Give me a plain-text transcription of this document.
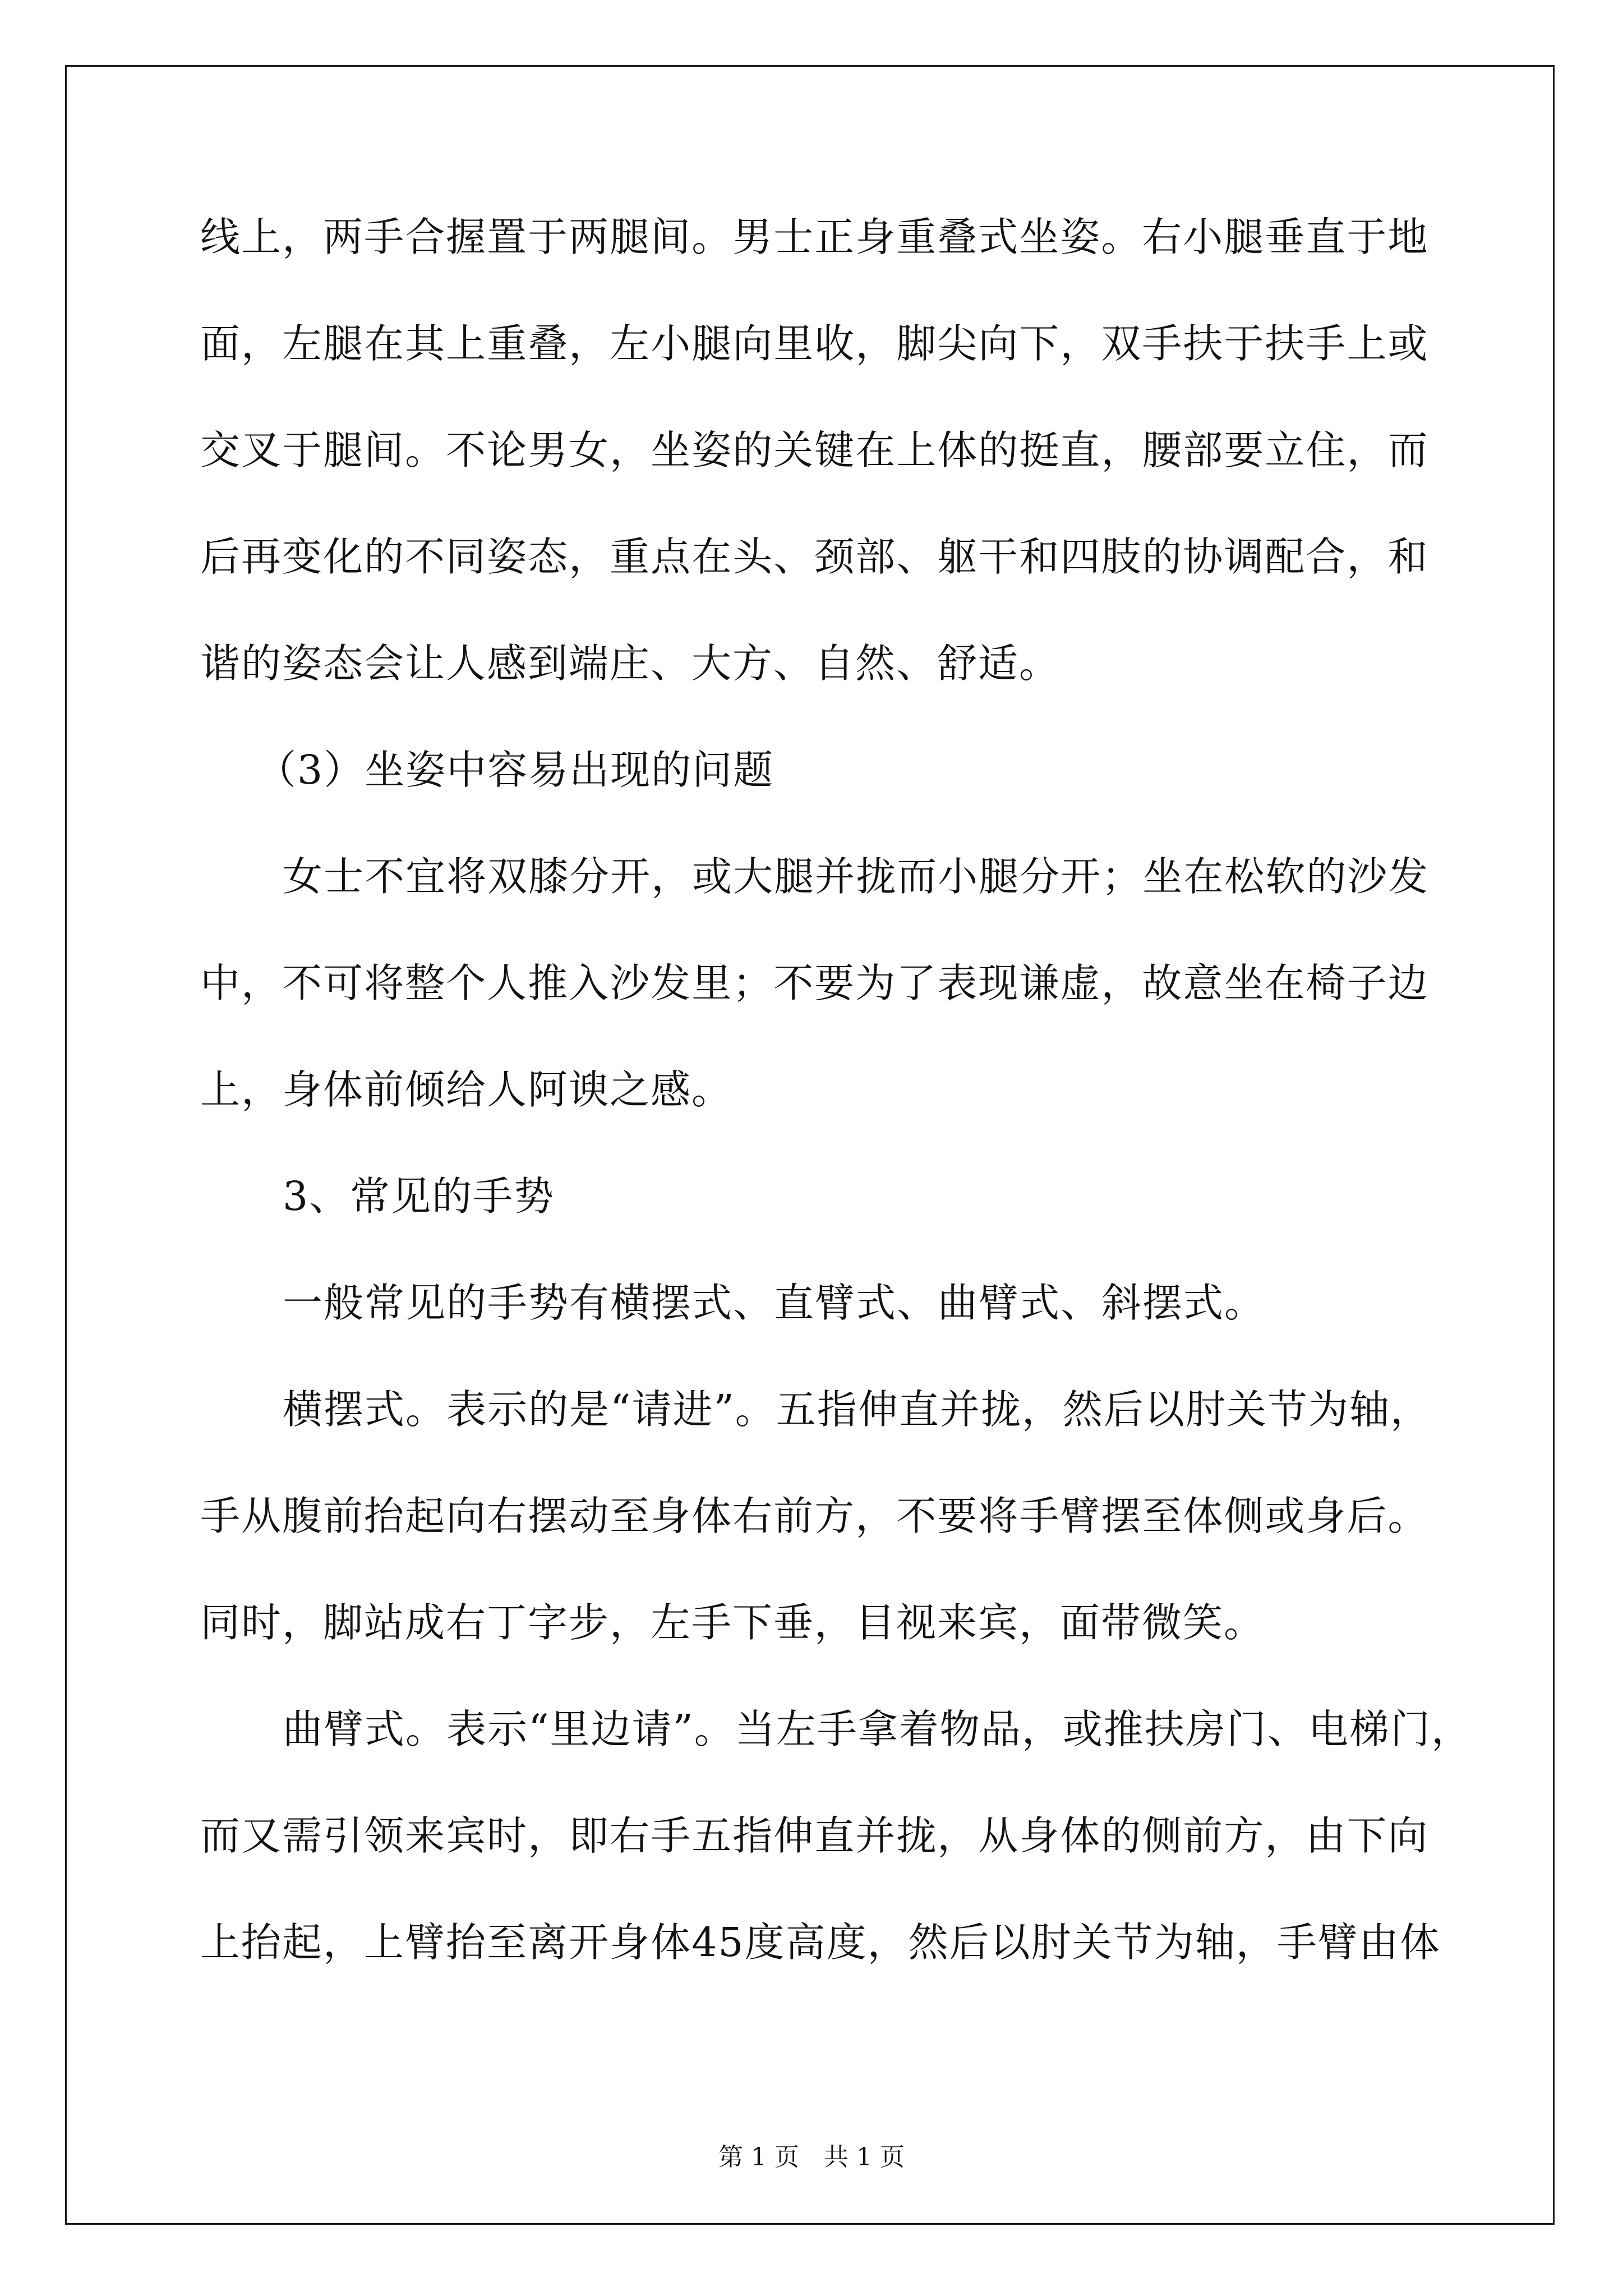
线 上 ， 两 手 合 握 置 于 两 腿 间 。 男 士 正 身 重 叠 式 坐 姿 。 右 小 腿 垂 直 于 地
面 ， 左 腿 在 其 上 重 叠 ， 左 小 腿 向 里 收 ， 脚 尖 向 下 ， 双 手 扶 于 扶 手 上 或
交 叉 于 腿 间 。 不 论 男 女 ， 坐 姿 的 关 键 在 上 体 的 挺 直 ， 腰 部 要 立 住 ， 而
后 再 变 化 的 不 同 姿 态 ， 重 点 在 头 、 颈 部 、 躯 干 和 四 肢 的 协 调 配 合 ， 和
谐的姿态会让人感到端庄、大方、自然、舒适。
（3）坐姿中容易出现的问题
女 士 不 宜 将 双 膝 分 开 ， 或 大 腿 并 拢 而 小 腿 分 开 ； 坐 在 松 软 的 沙 发
中 ， 不 可 将 整 个 人 推 入 沙 发 里 ； 不 要 为 了 表 现 谦 虚 ， 故 意 坐 在 椅 子 边
上，身体前倾给人阿谀之感。
3、常见的手势
一般常见的手势有横摆式、直臂式、曲臂式、斜摆式。
横 摆 式 。 表 示 的 是 “ 请 进 ” 。 五 指 伸 直 并 拢 ， 然 后 以 肘 关 节 为 轴 ，
手 从 腹 前 抬 起 向 右 摆 动 至 身 体 右 前 方 ， 不 要 将 手 臂 摆 至 体 侧 或 身 后 。
同时，脚站成右丁字步，左手下垂，目视来宾，面带微笑。
曲 臂 式 。 表 示 “ 里 边 请 ” 。 当 左 手 拿 着 物 品 ， 或 推 扶 房 门 、 电 梯 门 ，
而 又 需 引 领 来 宾 时 ， 即 右 手 五 指 伸 直 并 拢 ， 从 身 体 的 侧 前 方 ， 由 下 向
上 抬 起 ， 上 臂 抬 至 离 开 身 体 4 5 度 高 度 ， 然 后 以 肘 关 节 为 轴 ， 手 臂 由 体
第 1 页　共 1 页
